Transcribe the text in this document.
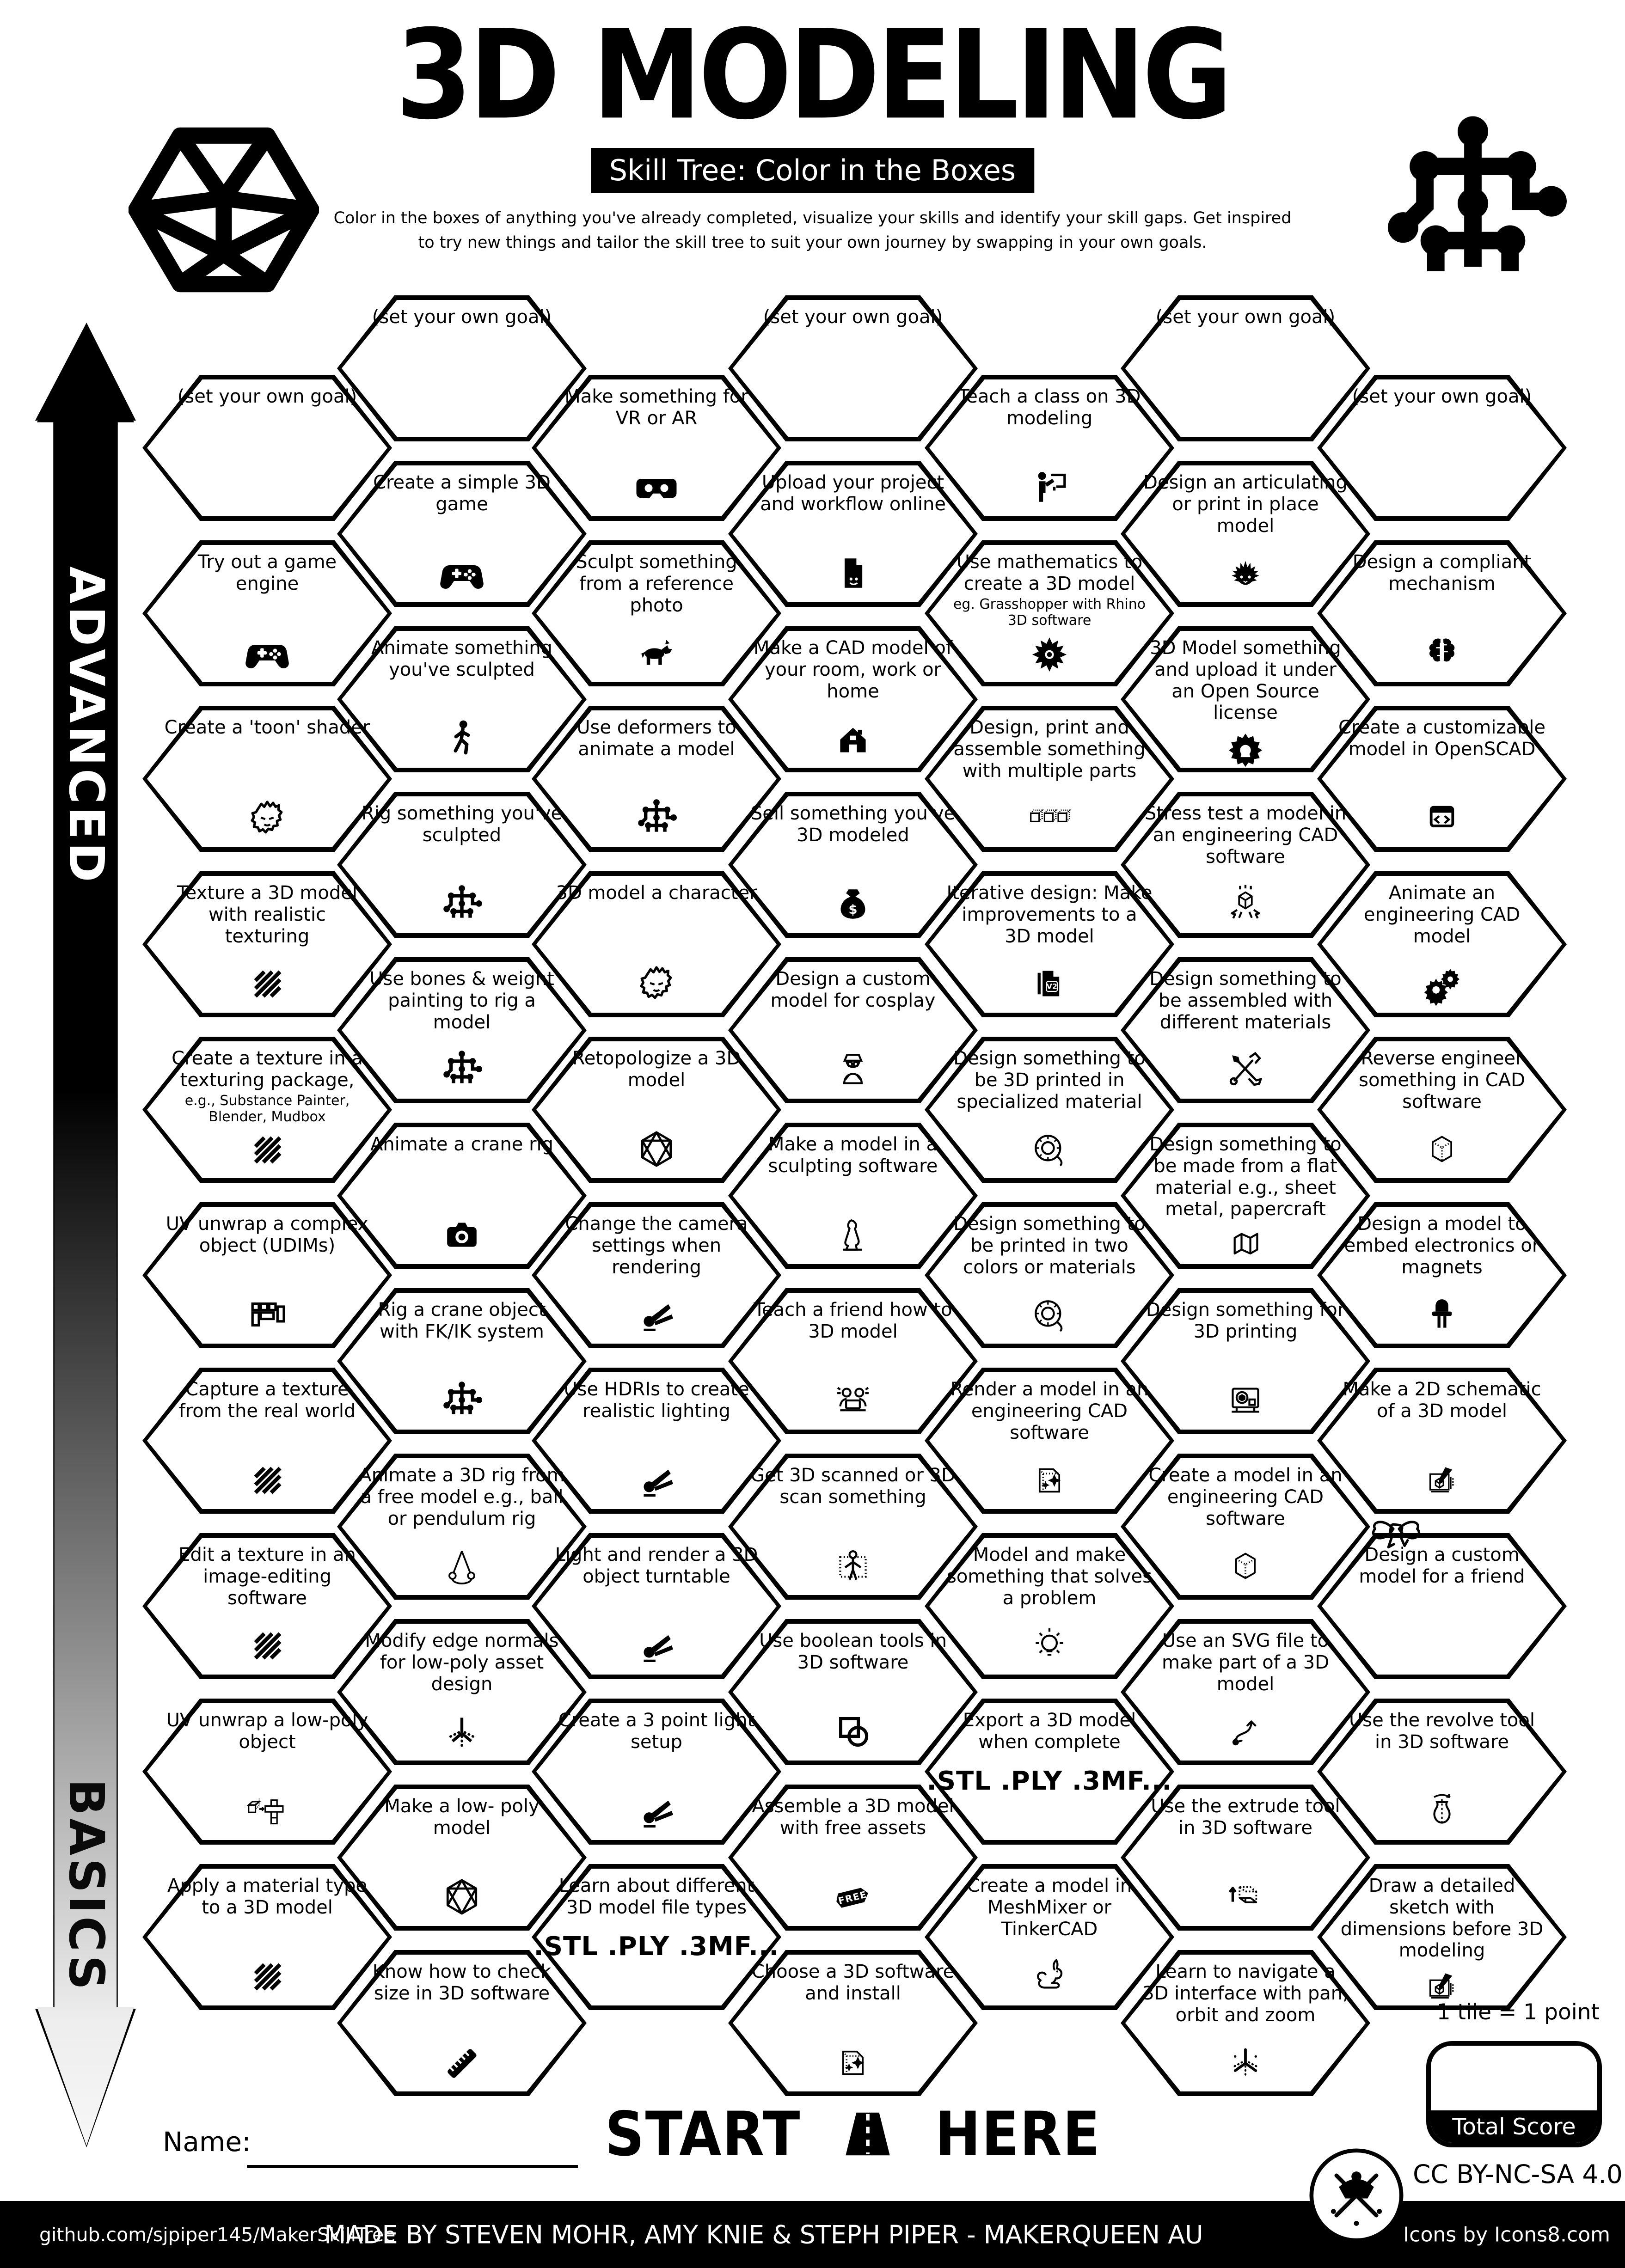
3D MODELING
Skill Tree: Color in the Boxes
Color in the boxes of anything you've already completed, visualize your skills and identify your skill gaps. Get inspired
to try new things and tailor the skill tree to suit your own journey by swapping in your own goals.
ADVANCED
BASICS
(set your own goal)
Try out a game engine
Create a 'toon' shader
Texture a 3D model with realistic texturing
Create a texture in a texturing package,
e.g., Substance Painter, Blender, Mudbox
UV unwrap a complex object (UDIMs)
Capture a texture from the real world
Edit a texture in an image-editing software
UV unwrap a low-poly object
Apply a material type to a 3D model
(set your own goal)
Create a simple 3D game
Animate something you've sculpted
Rig something you've sculpted
Use bones & weight painting to rig a model
Animate a crane rig
Rig a crane object with FK/IK system
Animate a 3D rig from a free model e.g., ball or pendulum rig
Modify edge normals for low-poly asset design
Make a low- poly model
Know how to check size in 3D software
Make something for VR or AR
Sculpt something from a reference photo
Use deformers to animate a model
3D model a character
Retopologize a 3D model
Change the camera settings when rendering
Use HDRIs to create realistic lighting
Light and render a 3D object turntable
Create a 3 point light setup
Learn about different 3D model file types
.STL .PLY .3MF...
(set your own goal)
Upload your project and workflow online
Make a CAD model of your room, work or home
Sell something you've 3D modeled
$
Design a custom model for cosplay
Make a model in a sculpting software
Teach a friend how to 3D model
Get 3D scanned or 3D scan something
Use boolean tools in 3D software
Assemble a 3D model with free assets
FREE
Choose a 3D software and install
Teach a class on 3D modeling
Use mathematics to create a 3D model
eg. Grasshopper with Rhino 3D software
Design, print and assemble something with multiple parts
Iterative design: Make improvements to a 3D model
V2
Design something to be 3D printed in specialized material
Design something to be printed in two colors or materials
Render a model in an engineering CAD software
Model and make something that solves a problem
Export a 3D model when complete
.STL .PLY .3MF...
Create a model in MeshMixer or TinkerCAD
(set your own goal)
Design an articulating or print in place model
3D Model something and upload it under an Open Source license
Stress test a model in an engineering CAD software
Design something to be assembled with different materials
Design something to be made from a flat material e.g., sheet metal, papercraft
Design something for 3D printing
Create a model in an engineering CAD software
Use an SVG file to make part of a 3D model
Use the extrude tool in 3D software
Learn to navigate a 3D interface with pan, orbit and zoom
(set your own goal)
Design a compliant mechanism
Create a customizable model in OpenSCAD
Animate an engineering CAD model
Reverse engineer something in CAD software
Design a model to embed electronics or magnets
Make a 2D schematic of a 3D model
Design a custom model for a friend
Use the revolve tool in 3D software
Draw a detailed sketch with dimensions before 3D modeling
START HERE
Name:
1 tile = 1 point
Total Score
CC BY-NC-SA 4.0
github.com/sjpiper145/MakerSkillTree
MADE BY STEVEN MOHR, AMY KNIE & STEPH PIPER - MAKERQUEEN AU	Icons by Icons8.com
